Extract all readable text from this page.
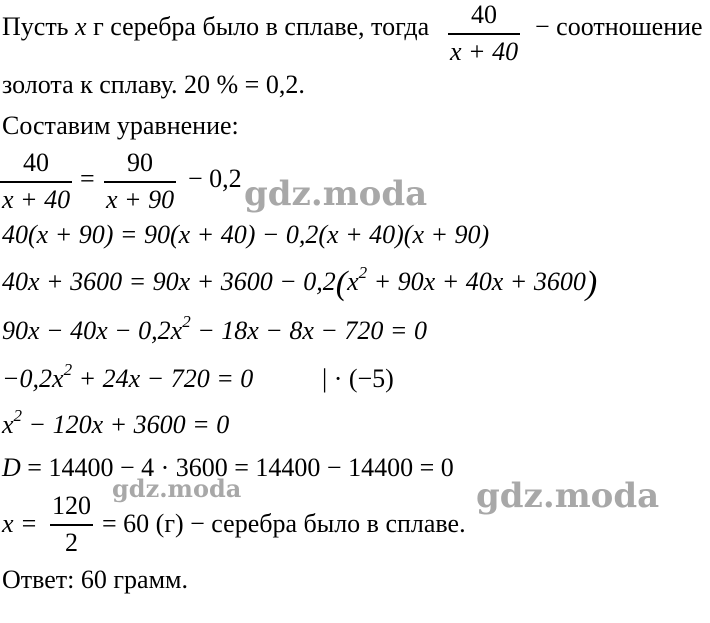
Пусть x г серебра было в сплаве, тогда	40
x + 40
− соотношение
золота к сплаву. 20 % = 0,2.
Составим уравнение:
40
x + 40
=
90
x + 90
− 0,2
40(x + 90) = 90(x + 40) − 0,2(x + 40)(x + 90)
$40x + 3600 = 90x + 3600 - 0,2(x^2 + 90x + 40x + 3600)$
$90x - 40x - 0,2x^2 - 18x - 8x - 720 = 0$
$-0,2x^2 + 24x - 720 = 0$	| · (−5)
$x^2 - 120x + 3600 = 0$
D = 14400 − 4 · 3600 = 14400 − 14400 = 0
x =
120
2
= 60 (г) − серебра было в сплаве.
Ответ: 60 грамм.
gdz.moda
gdz.moda	gdz.moda
